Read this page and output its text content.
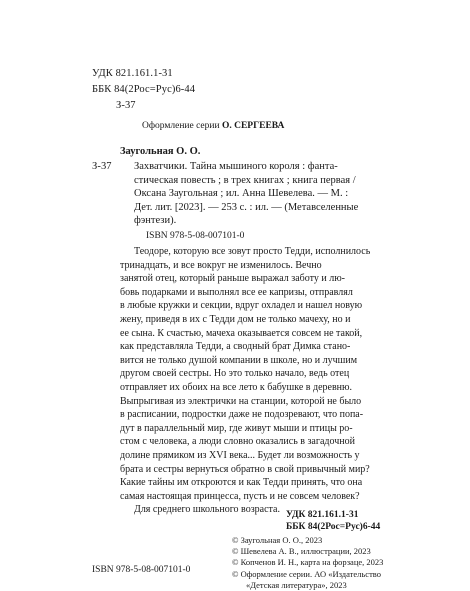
УДК 821.161.1-31
ББК 84(2Рос=Рус)6-44
З-37
Оформление серии О. СЕРГЕЕВА
Заугольная О. О.
З-37 Захватчики. Тайна мышиного короля : фанта-
стическая повесть ; в трех книгах ; книга первая /
Оксана Заугольная ; ил. Анна Шевелева. — М. :
Дет. лит. [2023]. — 253 с. : ил. — (Метавселенные
фэнтези).
ISBN 978-5-08-007101-0
Теодоре, которую все зовут просто Тедди, исполнилось
тринадцать, и все вокруг не изменилось. Вечно
занятой отец, который раньше выражал заботу и лю-
бовь подарками и выполнял все ее капризы, отправлял
в любые кружки и секции, вдруг охладел и нашел новую
жену, приведя в их с Тедди дом не только мачеху, но и
ее сына. К счастью, мачеха оказывается совсем не такой,
как представляла Тедди, а сводный брат Димка стано-
вится не только душой компании в школе, но и лучшим
другом своей сестры. Но это только начало, ведь отец
отправляет их обоих на все лето к бабушке в деревню.
Выпрыгивая из электрички на станции, которой не было
в расписании, подростки даже не подозревают, что попа-
дут в параллельный мир, где живут мыши и птицы ро-
стом с человека, а люди словно оказались в загадочной
долине прямиком из XVI века... Будет ли возможность у
брата и сестры вернуться обратно в свой привычный мир?
Какие тайны им откроются и как Тедди принять, что она
самая настоящая принцесса, пусть и не совсем человек?
Для среднего школьного возраста. УДК 821.161.1-31
ББК 84(2Рос=Рус)6-44
© Заугольная О. О., 2023
© Шевелева А. В., иллюстрации, 2023
© Копченов И. Н., карта на форзаце, 2023
ISBN 978-5-08-007101-0	© Оформление серии. АО «Издательство
«Детская литература», 2023
